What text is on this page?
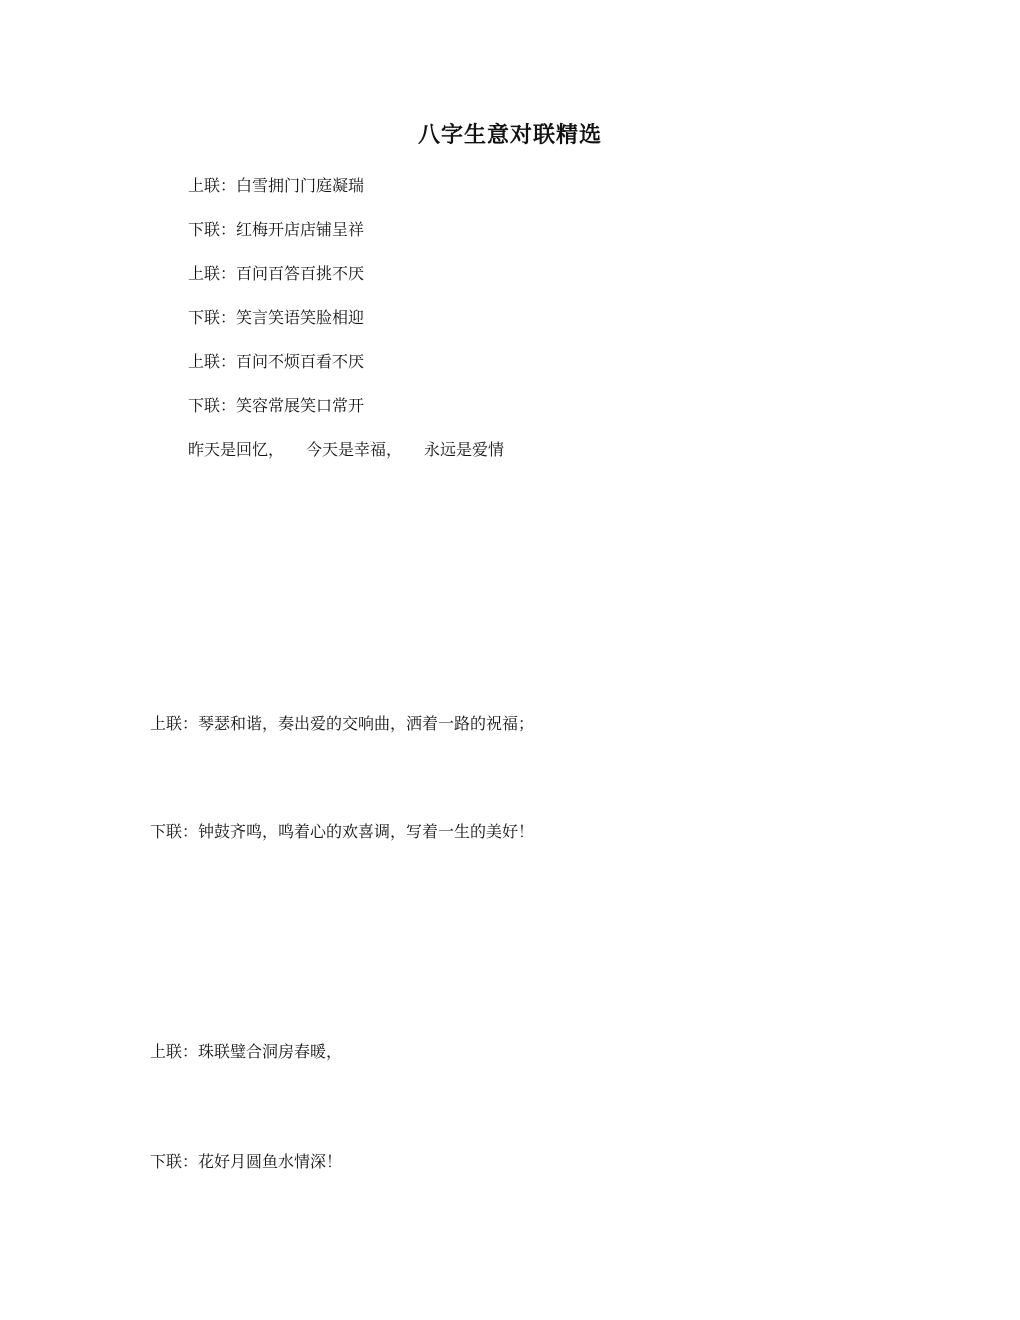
八字生意对联精选
上联：白雪拥门门庭凝瑞
下联：红梅开店店铺呈祥
上联：百问百答百挑不厌
下联：笑言笑语笑脸相迎
上联：百问不烦百看不厌
下联：笑容常展笑口常开
昨天是回忆， 今天是幸福， 永远是爱情
上联：琴瑟和谐，奏出爱的交响曲，洒着一路的祝福；
下联：钟鼓齐鸣，鸣着心的欢喜调，写着一生的美好！
上联：珠联璧合洞房春暖，
下联：花好月圆鱼水情深！
